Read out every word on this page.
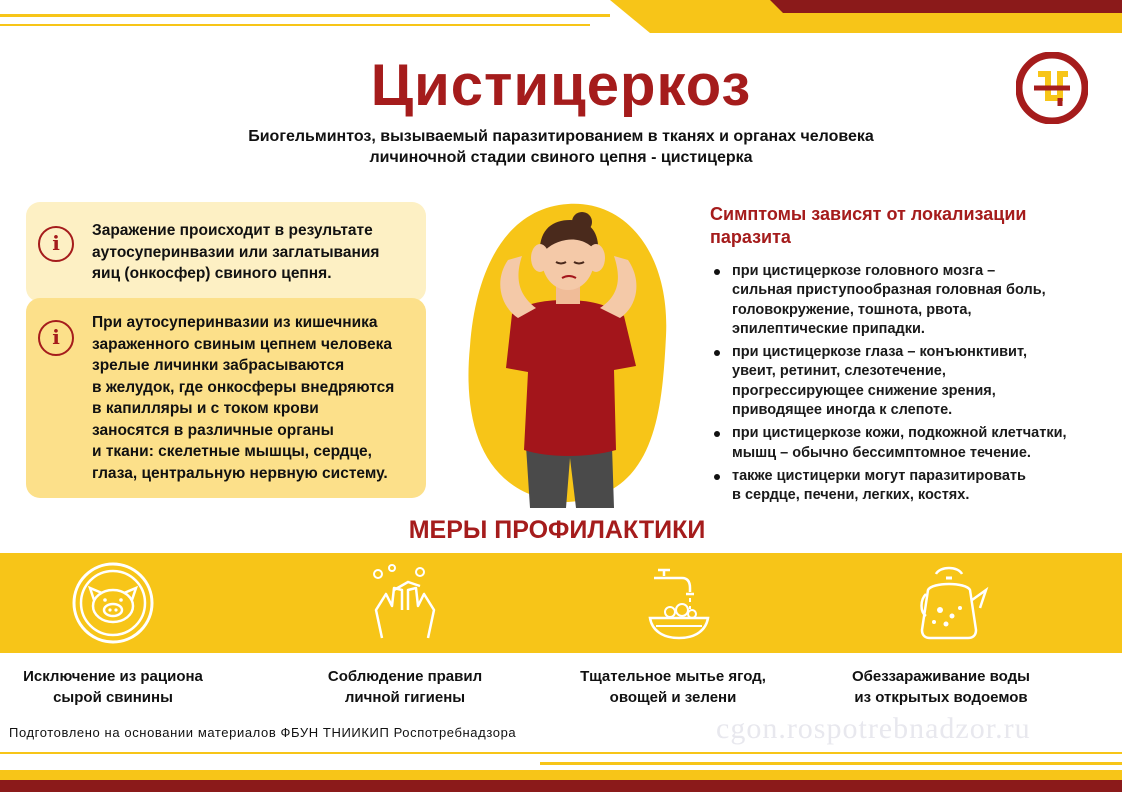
Цистицеркоз
Биогельминтоз, вызываемый паразитированием в тканях и органах человека
личиночной стадии свиного цепня - цистицерка
i
Заражение происходит в результате
аутосуперинвазии или заглатывания
яиц (онкосфер) свиного цепня.
i
При аутосуперинвазии из кишечника
зараженного свиным цепнем человека
зрелые личинки забрасываются
в желудок, где онкосферы внедряются
в капилляры и с током крови
заносятся в различные органы
и ткани: скелетные мышцы, сердце,
глаза, центральную нервную систему.
Симптомы зависят от локализации
паразита
при цистицеркозе головного мозга –
сильная приступообразная головная боль,
головокружение, тошнота, рвота,
эпилептические припадки.
при цистицеркозе глаза – конъюнктивит,
увеит, ретинит, слезотечение,
прогрессирующее снижение зрения,
приводящее иногда к слепоте.
при цистицеркозе кожи, подкожной клетчатки,
мышц – обычно бессимптомное течение.
также цистицерки могут паразитировать
в сердце, печени, легких, костях.
МЕРЫ ПРОФИЛАКТИКИ
Исключение из рациона
сырой свинины
Соблюдение правил
личной гигиены
Тщательное мытье ягод,
овощей и зелени
Обеззараживание воды
из открытых водоемов
Подготовлено на основании материалов ФБУН ТНИИКИП Роспотребнадзора	cgon.rospotrebnadzor.ru
